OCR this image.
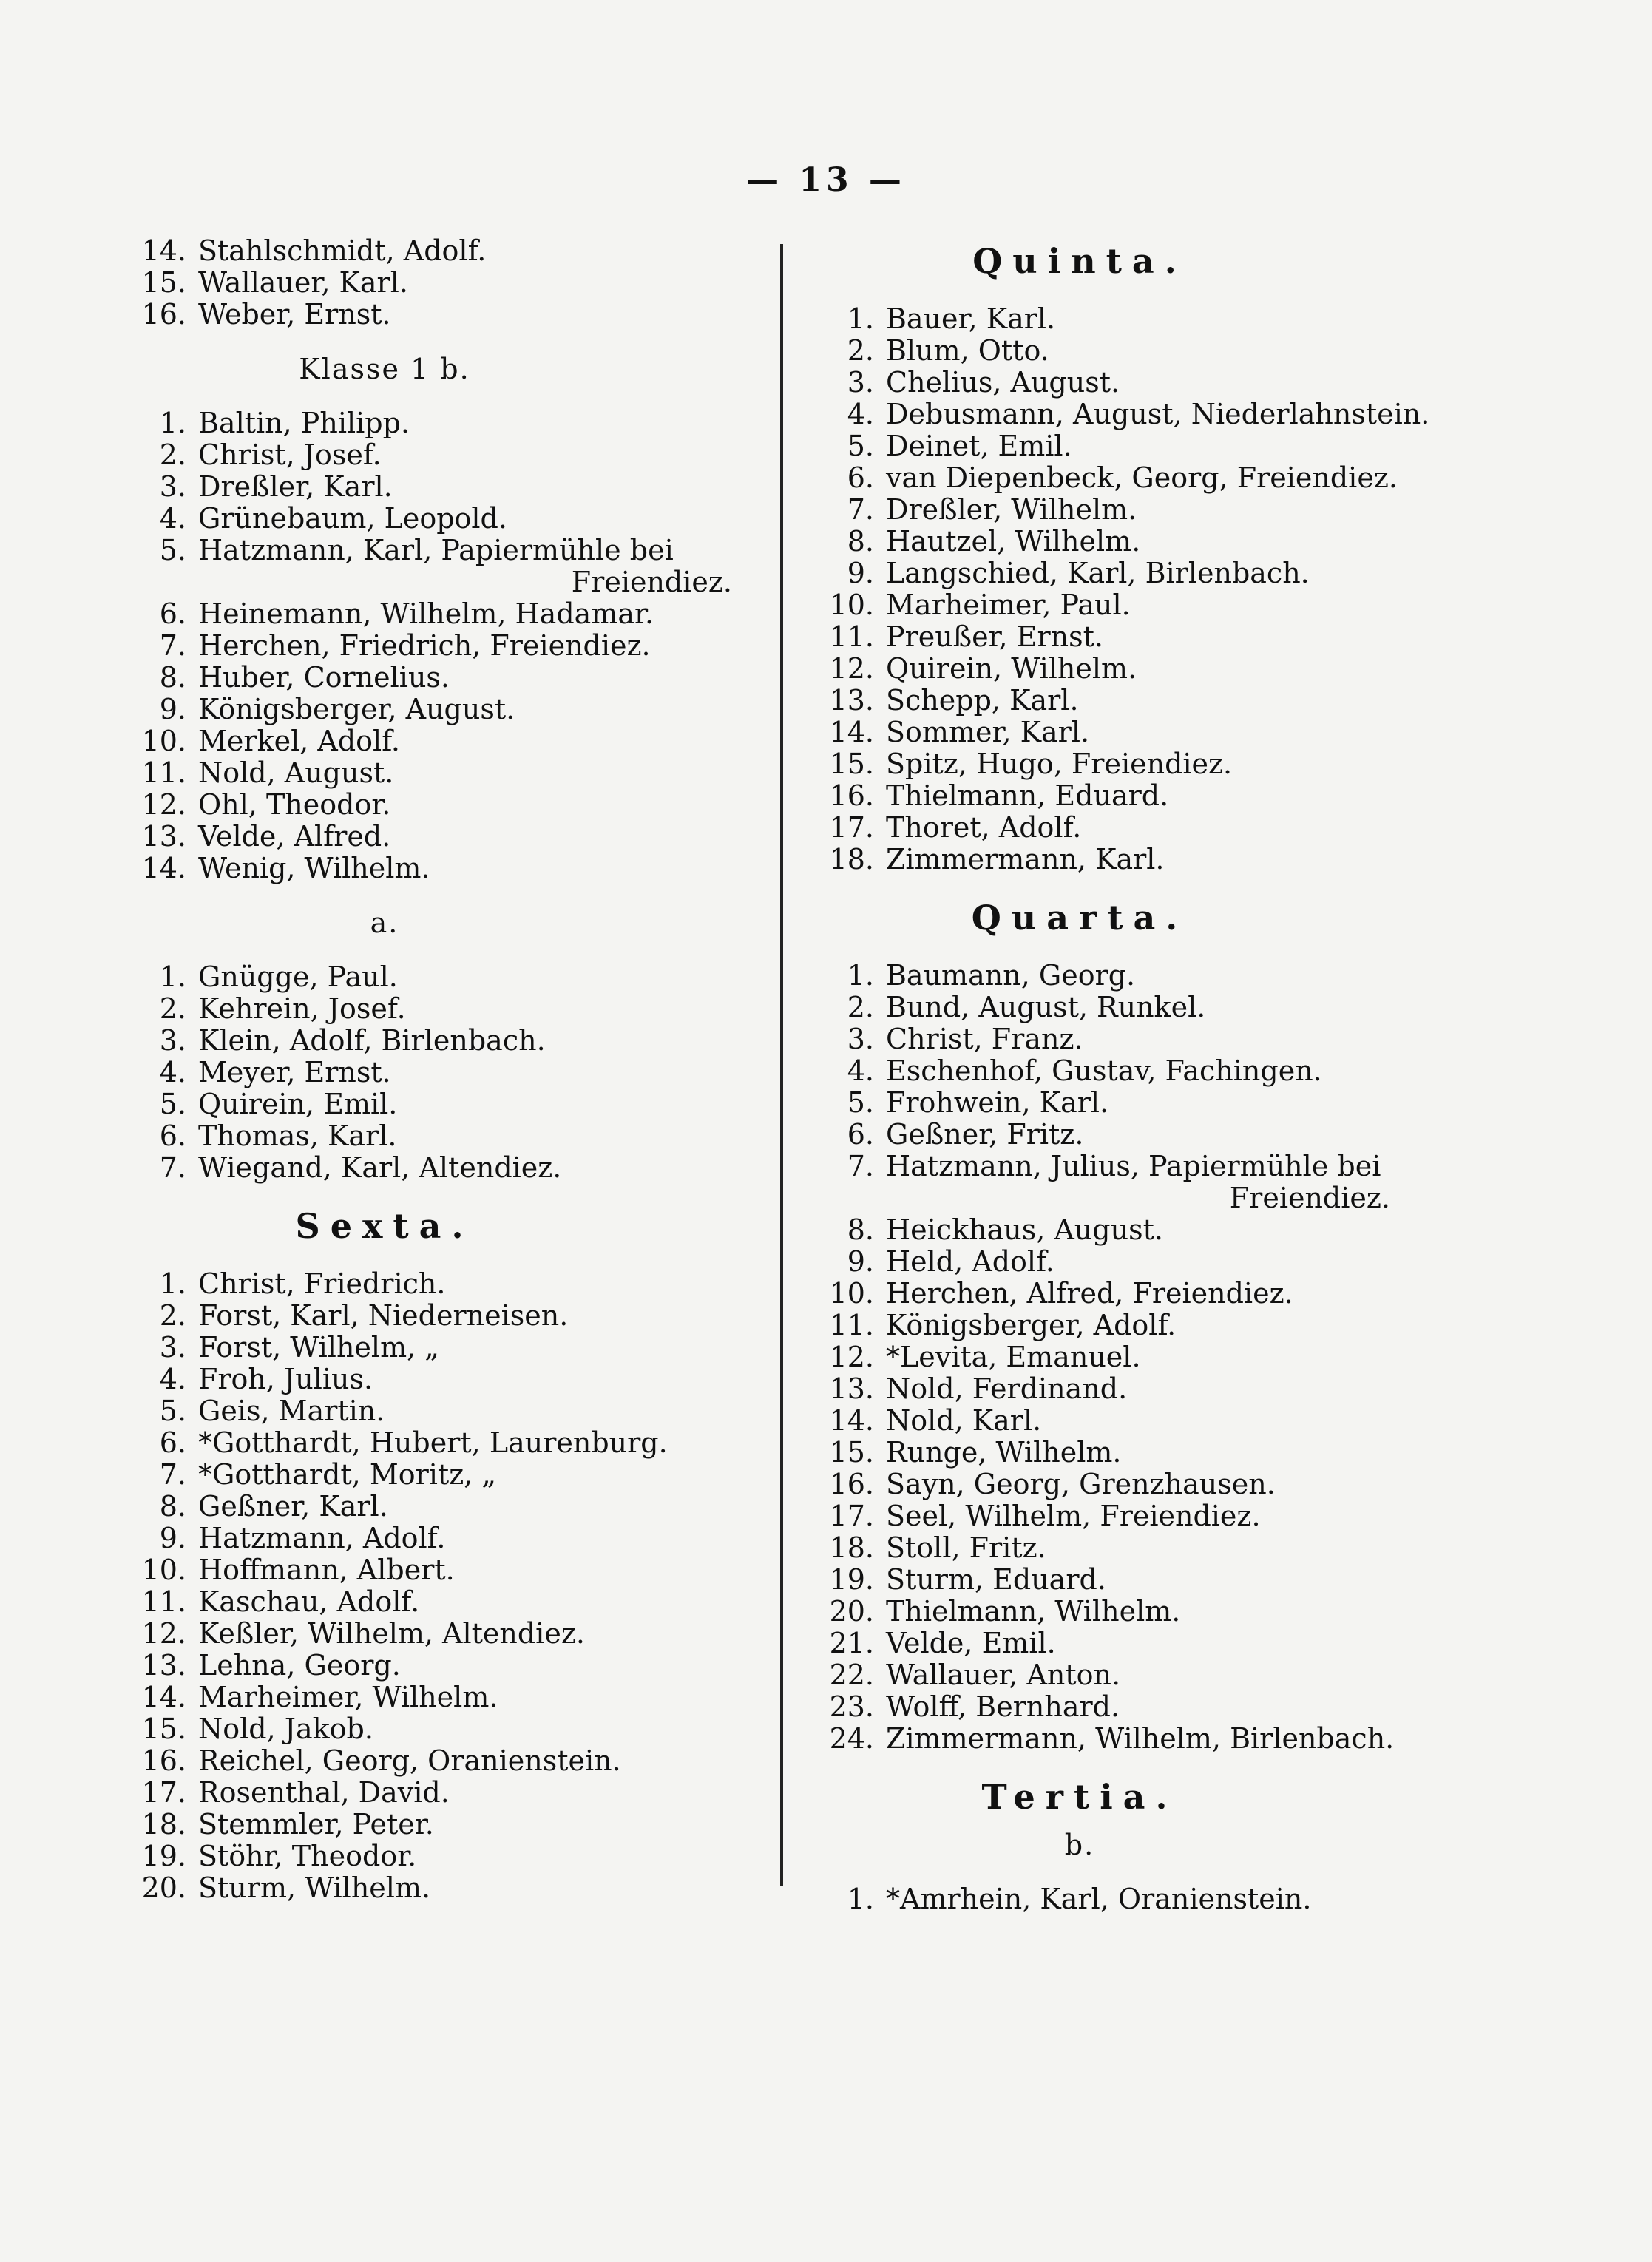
— 13 —
14. Stahlschmidt, Adolf.
15. Wallauer, Karl.
16. Weber, Ernst.
Klasse 1 b.
1. Baltin, Philipp.
2. Christ, Josef.
3. Dreßler, Karl.
4. Grünebaum, Leopold.
5. Hatzmann, Karl, Papiermühle bei
Freiendiez.
6. Heinemann, Wilhelm, Hadamar.
7. Herchen, Friedrich, Freiendiez.
8. Huber, Cornelius.
9. Königsberger, August.
10. Merkel, Adolf.
11. Nold, August.
12. Ohl, Theodor.
13. Velde, Alfred.
14. Wenig, Wilhelm.
a.
1. Gnügge, Paul.
2. Kehrein, Josef.
3. Klein, Adolf, Birlenbach.
4. Meyer, Ernst.
5. Quirein, Emil.
6. Thomas, Karl.
7. Wiegand, Karl, Altendiez.
Sexta.
1. Christ, Friedrich.
2. Forst, Karl, Niederneisen.
3. Forst, Wilhelm, „
4. Froh, Julius.
5. Geis, Martin.
6. *Gotthardt, Hubert, Laurenburg.
7. *Gotthardt, Moritz, „
8. Geßner, Karl.
9. Hatzmann, Adolf.
10. Hoffmann, Albert.
11. Kaschau, Adolf.
12. Keßler, Wilhelm, Altendiez.
13. Lehna, Georg.
14. Marheimer, Wilhelm.
15. Nold, Jakob.
16. Reichel, Georg, Oranienstein.
17. Rosenthal, David.
18. Stemmler, Peter.
19. Stöhr, Theodor.
20. Sturm, Wilhelm.
Quinta.
1. Bauer, Karl.
2. Blum, Otto.
3. Chelius, August.
4. Debusmann, August, Niederlahnstein.
5. Deinet, Emil.
6. van Diepenbeck, Georg, Freiendiez.
7. Dreßler, Wilhelm.
8. Hautzel, Wilhelm.
9. Langschied, Karl, Birlenbach.
10. Marheimer, Paul.
11. Preußer, Ernst.
12. Quirein, Wilhelm.
13. Schepp, Karl.
14. Sommer, Karl.
15. Spitz, Hugo, Freiendiez.
16. Thielmann, Eduard.
17. Thoret, Adolf.
18. Zimmermann, Karl.
Quarta.
1. Baumann, Georg.
2. Bund, August, Runkel.
3. Christ, Franz.
4. Eschenhof, Gustav, Fachingen.
5. Frohwein, Karl.
6. Geßner, Fritz.
7. Hatzmann, Julius, Papiermühle bei
Freiendiez.
8. Heickhaus, August.
9. Held, Adolf.
10. Herchen, Alfred, Freiendiez.
11. Königsberger, Adolf.
12. *Levita, Emanuel.
13. Nold, Ferdinand.
14. Nold, Karl.
15. Runge, Wilhelm.
16. Sayn, Georg, Grenzhausen.
17. Seel, Wilhelm, Freiendiez.
18. Stoll, Fritz.
19. Sturm, Eduard.
20. Thielmann, Wilhelm.
21. Velde, Emil.
22. Wallauer, Anton.
23. Wolff, Bernhard.
24. Zimmermann, Wilhelm, Birlenbach.
Tertia.
b.
1. *Amrhein, Karl, Oranienstein.
